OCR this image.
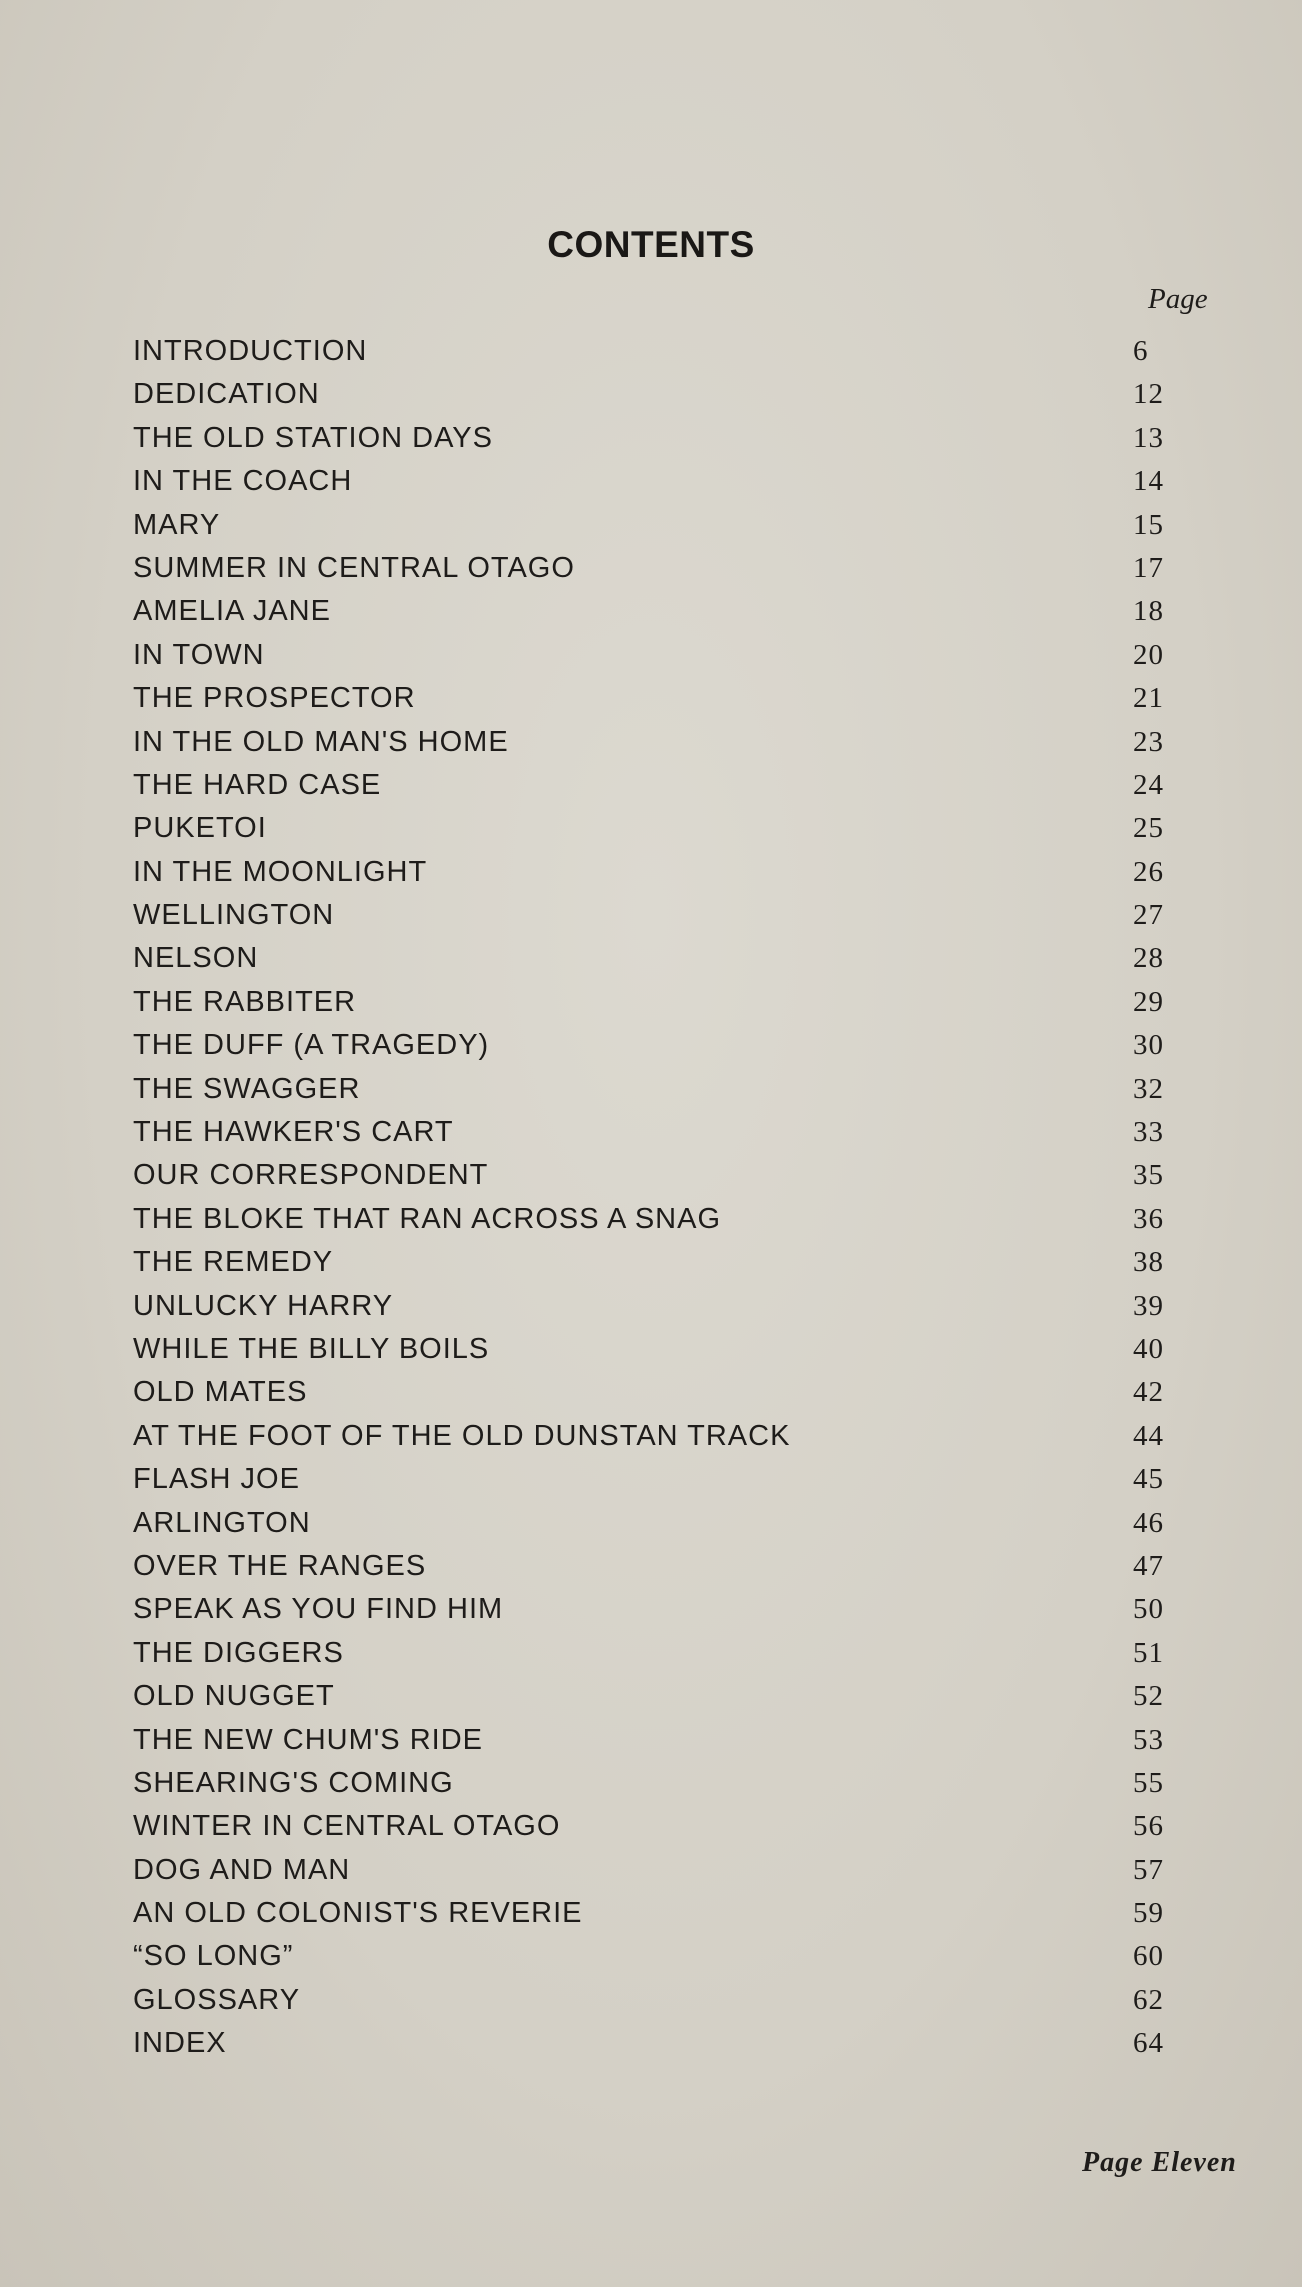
CONTENTS
Page
INTRODUCTION	6
DEDICATION	12
THE OLD STATION DAYS	13
IN THE COACH	14
MARY	15
SUMMER IN CENTRAL OTAGO	17
AMELIA JANE	18
IN TOWN	20
THE PROSPECTOR	21
IN THE OLD MAN'S HOME	23
THE HARD CASE	24
PUKETOI	25
IN THE MOONLIGHT	26
WELLINGTON	27
NELSON	28
THE RABBITER	29
THE DUFF (A TRAGEDY)	30
THE SWAGGER	32
THE HAWKER'S CART	33
OUR CORRESPONDENT	35
THE BLOKE THAT RAN ACROSS A SNAG	36
THE REMEDY	38
UNLUCKY HARRY	39
WHILE THE BILLY BOILS	40
OLD MATES	42
AT THE FOOT OF THE OLD DUNSTAN TRACK	44
FLASH JOE	45
ARLINGTON	46
OVER THE RANGES	47
SPEAK AS YOU FIND HIM	50
THE DIGGERS	51
OLD NUGGET	52
THE NEW CHUM'S RIDE	53
SHEARING'S COMING	55
WINTER IN CENTRAL OTAGO	56
DOG AND MAN	57
AN OLD COLONIST'S REVERIE	59
“SO LONG”	60
GLOSSARY	62
INDEX	64
Page Eleven
